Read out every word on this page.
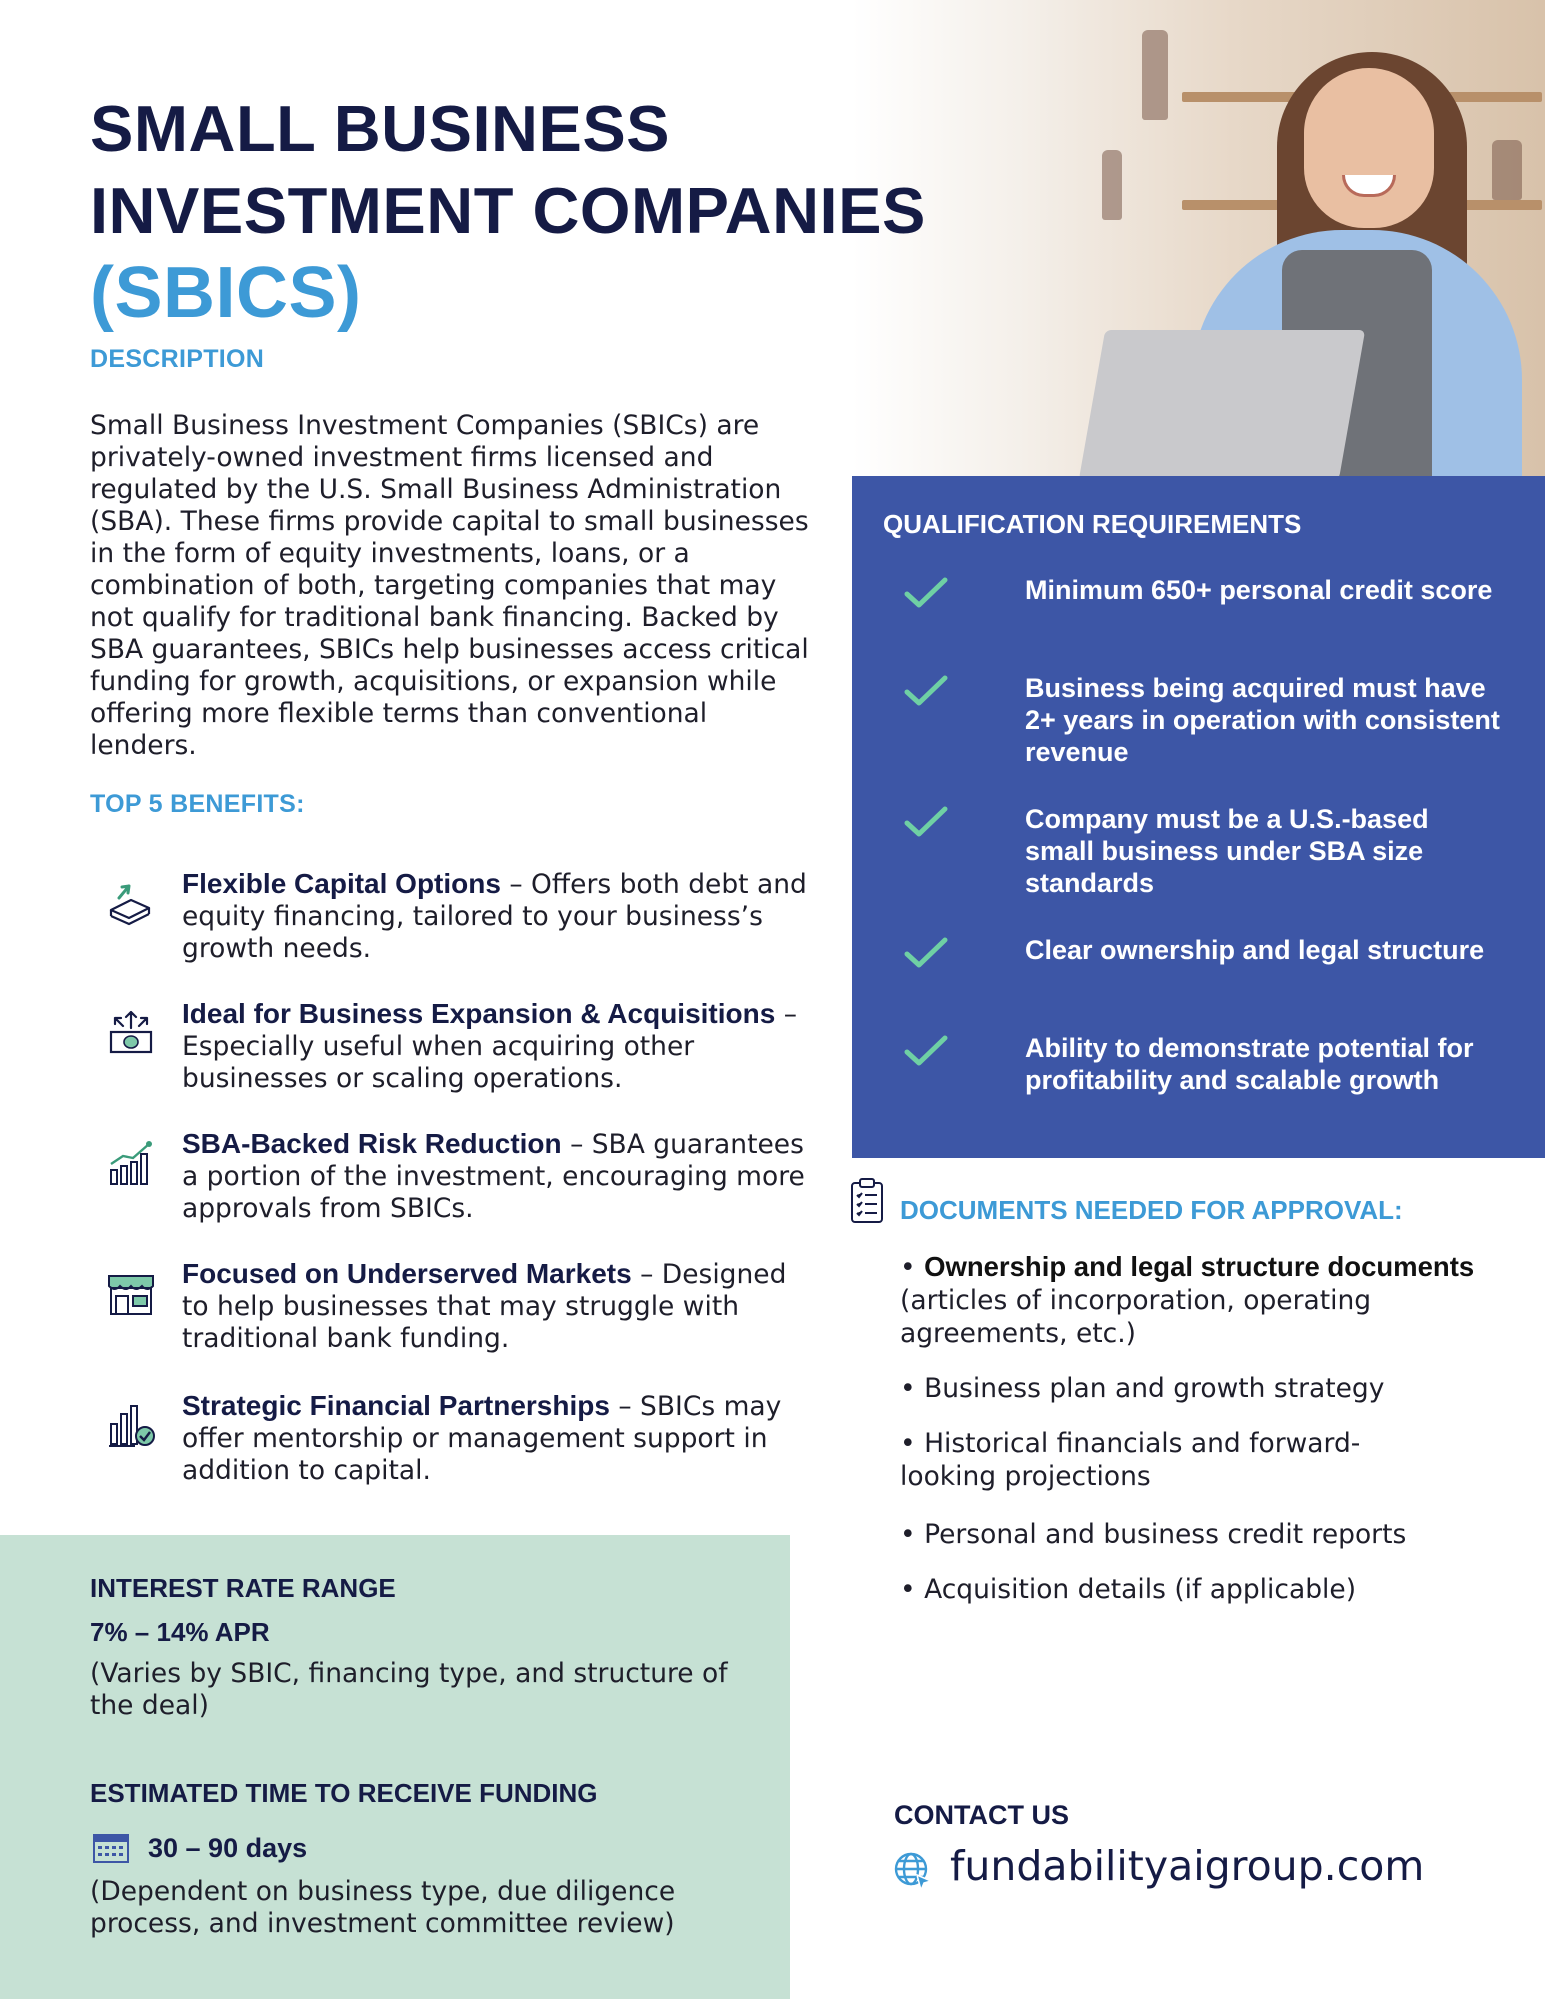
SMALL BUSINESS
INVESTMENT COMPANIES
(SBICS)
DESCRIPTION

Small Business Investment Companies (SBICs) are privately-owned investment firms licensed and regulated by the U.S. Small Business Administration (SBA). These firms provide capital to small businesses in the form of equity investments, loans, or a combination of both, targeting companies that may not qualify for traditional bank financing. Backed by SBA guarantees, SBICs help businesses access critical funding for growth, acquisitions, or expansion while offering more flexible terms than conventional lenders.

TOP 5 BENEFITS:
Flexible Capital Options – Offers both debt and equity financing, tailored to your business’s growth needs.
Ideal for Business Expansion & Acquisitions – Especially useful when acquiring other businesses or scaling operations.
SBA-Backed Risk Reduction – SBA guarantees a portion of the investment, encouraging more approvals from SBICs.
Focused on Underserved Markets – Designed to help businesses that may struggle with traditional bank funding.
Strategic Financial Partnerships – SBICs may offer mentorship or management support in addition to capital.
INTEREST RATE RANGE
7% – 14% APR
(Varies by SBIC, financing type, and structure of the deal)
ESTIMATED TIME TO RECEIVE FUNDING
30 – 90 days
(Dependent on business type, due diligence process, and investment committee review)
QUALIFICATION REQUIREMENTS
Minimum 650+ personal credit score
Business being acquired must have 2+ years in operation with consistent revenue
Company must be a U.S.-based small business under SBA size standards
Clear ownership and legal structure
Ability to demonstrate potential for profitability and scalable growth
DOCUMENTS NEEDED FOR APPROVAL:
• Ownership and legal structure documents (articles of incorporation, operating agreements, etc.)
• Business plan and growth strategy
• Historical financials and forward-looking projections
• Personal and business credit reports
• Acquisition details (if applicable)
CONTACT US
fundabilityaigroup.com
